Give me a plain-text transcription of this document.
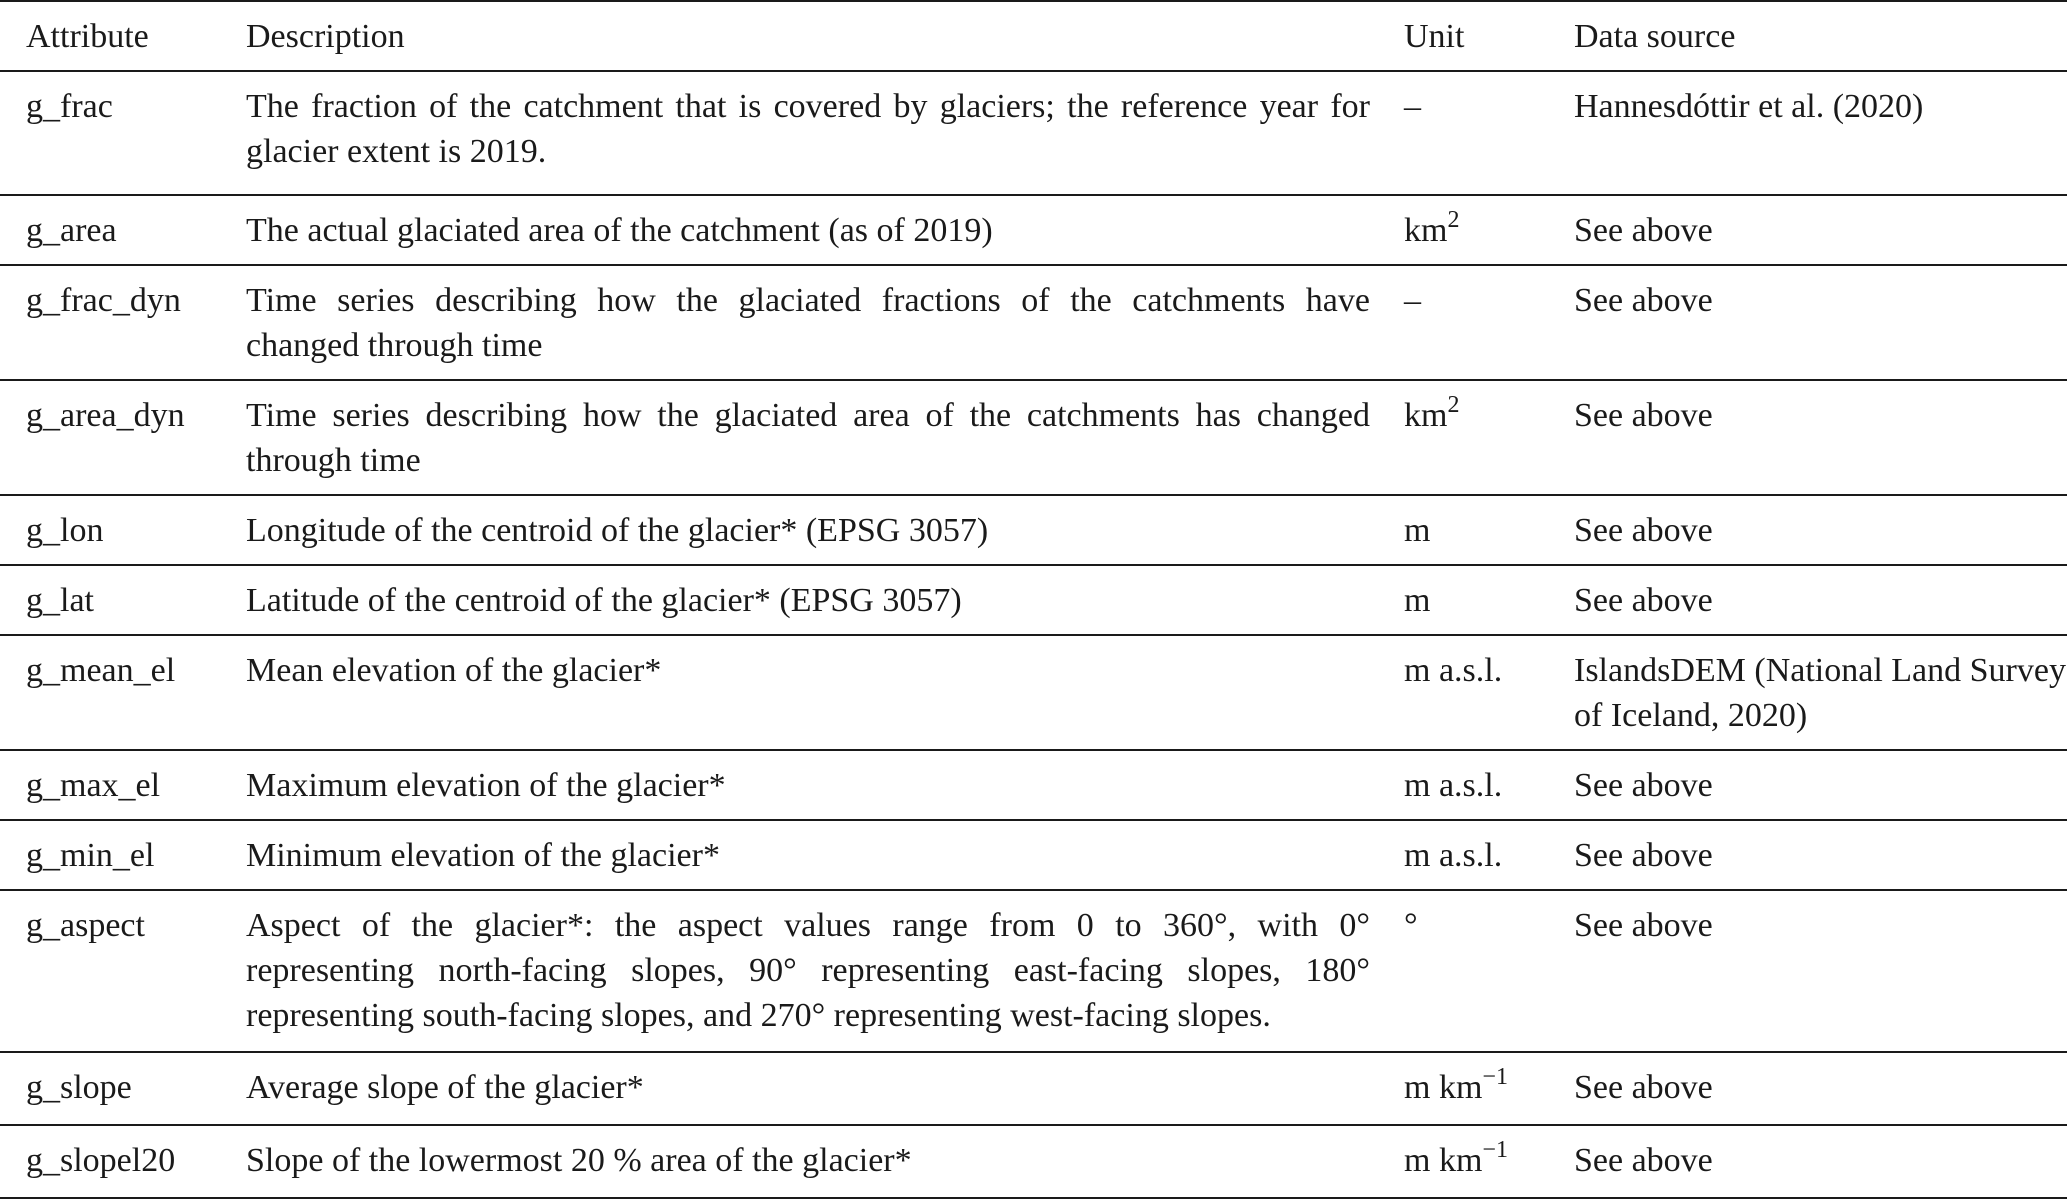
Attribute	Description	Unit	Data source
g_frac	The fraction of the catchment that is covered by glaciers; the reference year for glacier extent is 2019.	–	Hannesdóttir et al. (2020)
g_area	The actual glaciated area of the catchment (as of 2019)	$km^2$	See above
g_frac_dyn	Time series describing how the glaciated fractions of the catchments have changed through time	–	See above
g_area_dyn	Time series describing how the glaciated area of the catchments has changed through time	$km^2$	See above
g_lon	Longitude of the centroid of the glacier* (EPSG 3057)	m	See above
g_lat	Latitude of the centroid of the glacier* (EPSG 3057)	m	See above
g_mean_el	Mean elevation of the glacier*	m a.s.l.	IslandsDEM (National Land Survey of Iceland, 2020)
g_max_el	Maximum elevation of the glacier*	m a.s.l.	See above
g_min_el	Minimum elevation of the glacier*	m a.s.l.	See above
g_aspect	Aspect of the glacier*: the aspect values range from 0 to 360°, with 0° representing north-facing slopes, 90° representing east-facing slopes, 180° representing south-facing slopes, and 270° representing west-facing slopes.	°	See above
g_slope	Average slope of the glacier*	m $km^{-1}$	See above
g_slopel20	Slope of the lowermost 20 % area of the glacier*	m $km^{-1}$	See above
